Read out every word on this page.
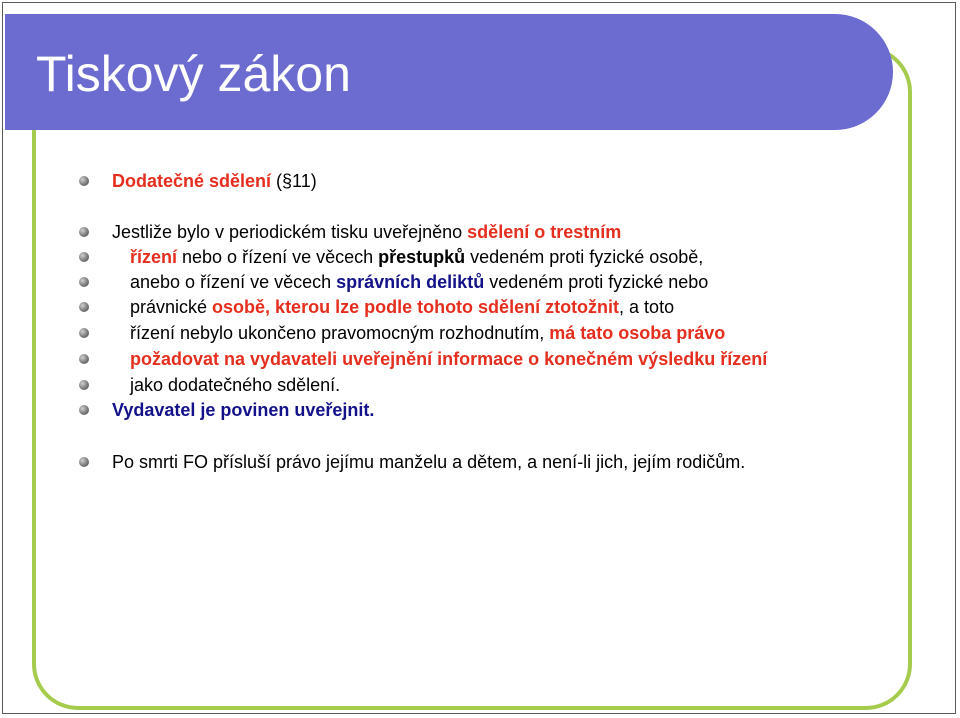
Tiskový zákon
Dodatečné sdělení (§11)
Jestliže bylo v periodickém tisku uveřejněno sdělení o trestním
řízení nebo o řízení ve věcech přestupků vedeném proti fyzické osobě,
anebo o řízení ve věcech správních deliktů vedeném proti fyzické nebo
právnické osobě, kterou lze podle tohoto sdělení ztotožnit, a toto
řízení nebylo ukončeno pravomocným rozhodnutím, má tato osoba právo
požadovat na vydavateli uveřejnění informace o konečném výsledku řízení
jako dodatečného sdělení.
Vydavatel je povinen uveřejnit.
Po smrti FO přísluší právo jejímu manželu a dětem, a není-li jich, jejím rodičům.
